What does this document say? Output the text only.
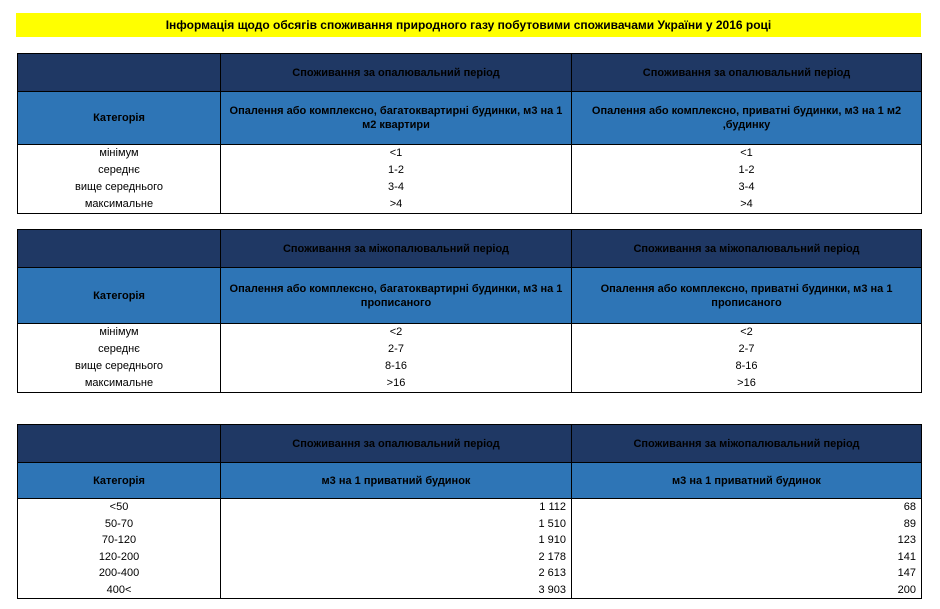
Інформація щодо обсягів споживання природного газу побутовими споживачами України у 2016 році
	Споживання за опалювальний період	Споживання за опалювальний період
Категорія	Опалення або комплексно, багатоквартирні будинки, м3 на 1 м2 квартири	Опалення або комплексно, приватні будинки, м3 на 1 м2 ,будинку
мінімум	<1	<1
середнє	1-2	1-2
вище середнього	3-4	3-4
максимальне	>4	>4
	Споживання за міжопалювальний період	Споживання за міжопалювальний період
Категорія	Опалення або комплексно, багатоквартирні будинки, м3 на 1 прописаного	Опалення або комплексно, приватні будинки, м3 на 1 прописаного
мінімум	<2	<2
середнє	2-7	2-7
вище середнього	8-16	8-16
максимальне	>16	>16
	Споживання за опалювальний період	Споживання за міжопалювальний період
Категорія	м3 на 1 приватний будинок	м3 на 1 приватний будинок
<50	1 112	68
50-70	1 510	89
70-120	1 910	123
120-200	2 178	141
200-400	2 613	147
400<	3 903	200
